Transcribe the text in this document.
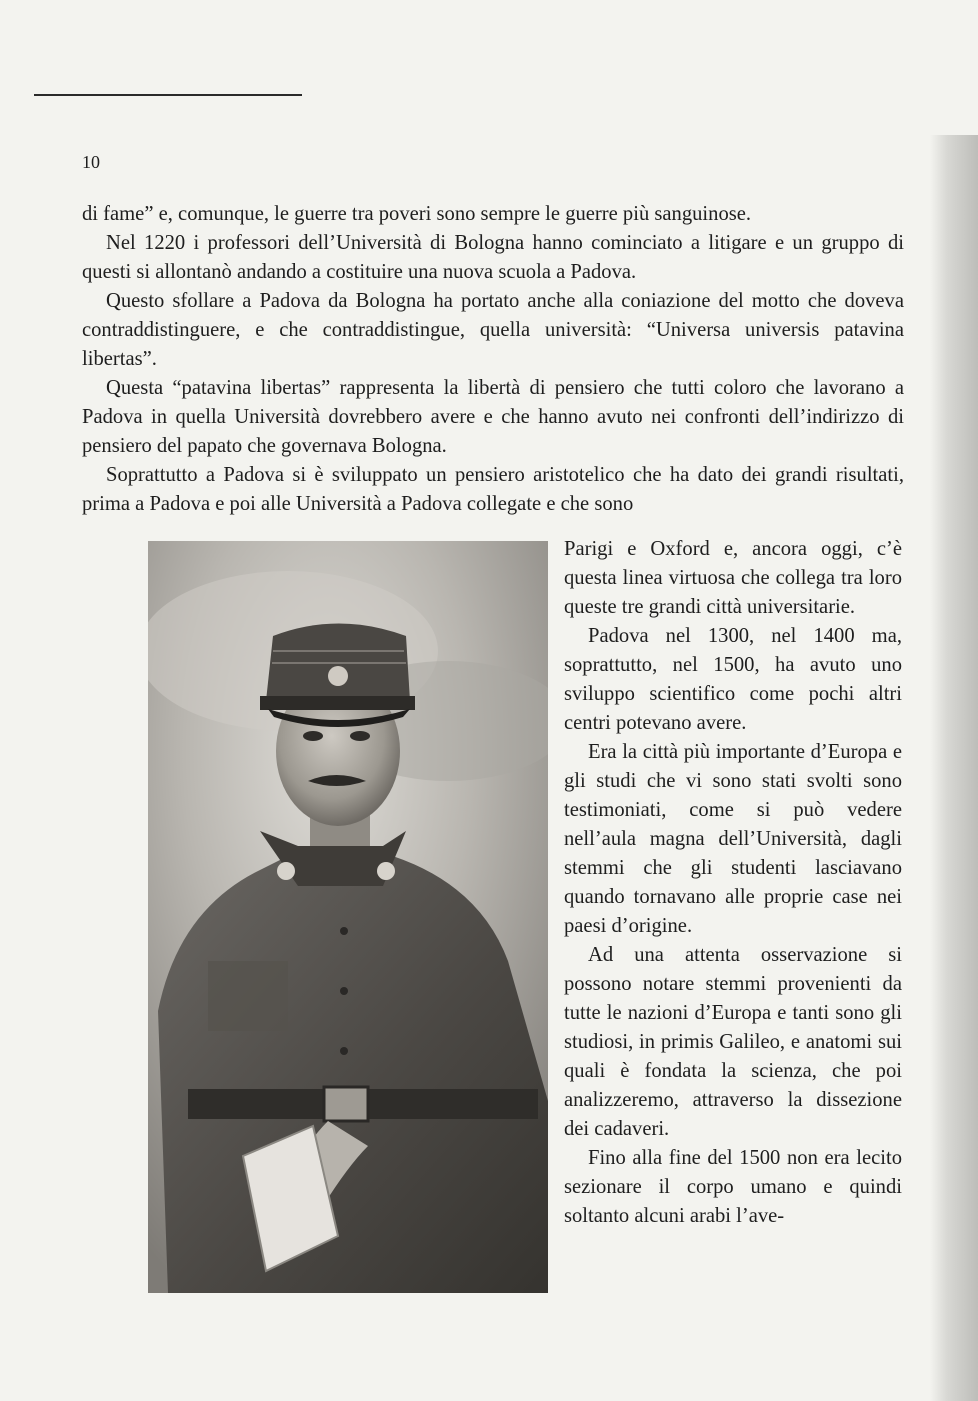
10

di fame” e, comunque, le guerre tra poveri sono sempre le guerre più sanguinose.

Nel 1220 i professori dell’Università di Bologna hanno cominciato a litigare e un gruppo di questi si allontanò andando a costituire una nuova scuola a Padova.

Questo sfollare a Padova da Bologna ha portato anche alla coniazione del motto che doveva contraddistinguere, e che contraddistingue, quella università: “Universa universis patavina libertas”.

Questa “patavina libertas” rappresenta la libertà di pensiero che tutti coloro che lavorano a Padova in quella Università dovrebbero avere e che hanno avuto nei confronti dell’indirizzo di pensiero del papato che governava Bologna.

Soprattutto a Padova si è sviluppato un pensiero aristotelico che ha dato dei grandi risultati, prima a Padova e poi alle Università a Padova collegate e che sono

Parigi e Oxford e, ancora oggi, c’è questa linea virtuosa che collega tra loro queste tre grandi città universitarie.

Padova nel 1300, nel 1400 ma, soprattutto, nel 1500, ha avuto uno sviluppo scientifico come pochi altri centri potevano avere.

Era la città più importante d’Europa e gli studi che vi sono stati svolti sono testimoniati, come si può vedere nell’aula magna dell’Università, dagli stemmi che gli studenti lasciavano quando tornavano alle proprie case nei paesi d’origine.

Ad una attenta osservazione si possono notare stemmi provenienti da tutte le nazioni d’Europa e tanti sono gli studiosi, in primis Galileo, e anatomi sui quali è fondata la scienza, che poi analizzeremo, attraverso la dissezione dei cadaveri.

Fino alla fine del 1500 non era lecito sezionare il corpo umano e quindi soltanto alcuni arabi l’ave-
